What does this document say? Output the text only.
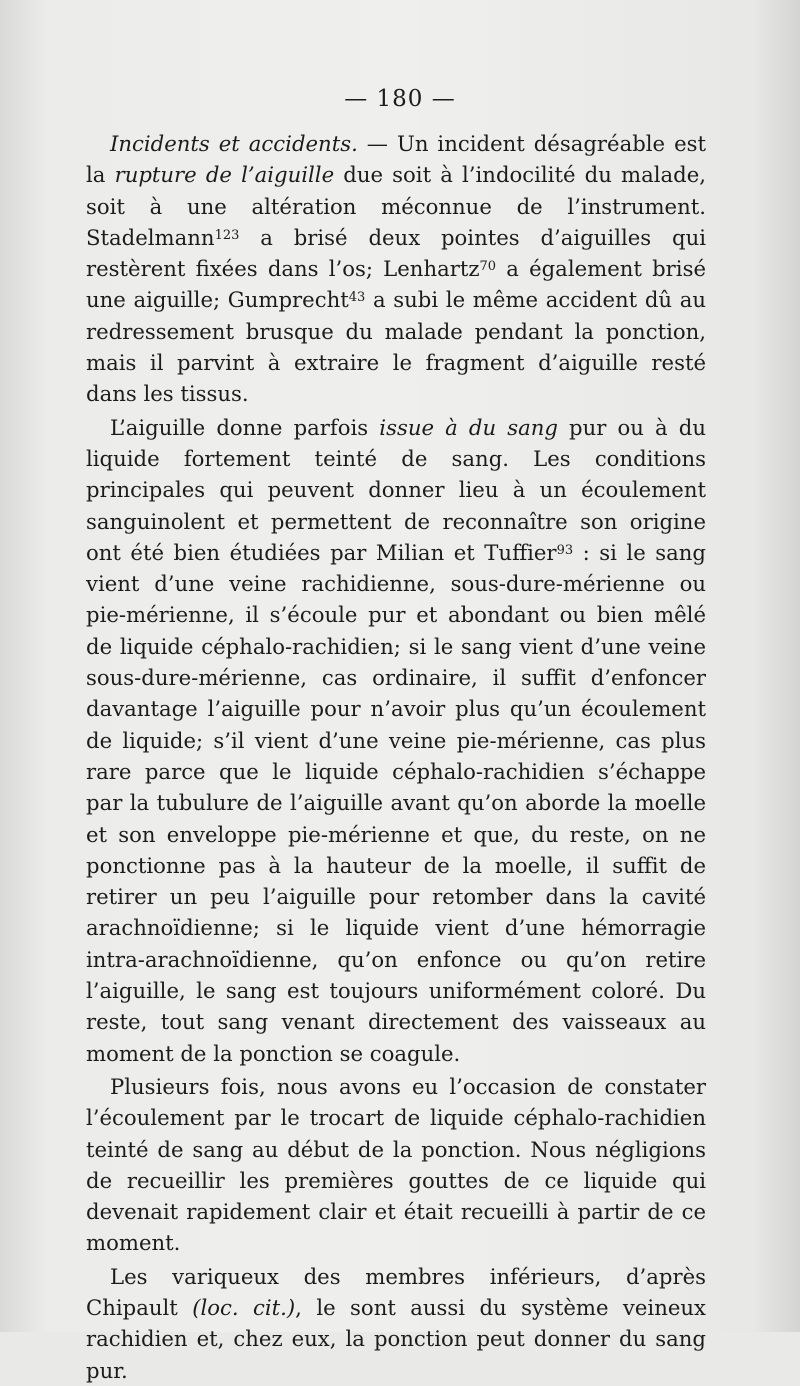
— 180 —

Incidents et accidents. — Un incident désagréable est la rupture de l’aiguille due soit à l’indocilité du malade, soit à une altération méconnue de l’instrument. Stadelmann$^{123}$ a brisé deux pointes d’aiguilles qui restèrent fixées dans l’os; Lenhartz$^{70}$ a également brisé une aiguille; Gumprecht$^{43}$ a subi le même accident dû au redressement brusque du malade pendant la ponction, mais il parvint à extraire le fragment d’aiguille resté dans les tissus.

L’aiguille donne parfois issue à du sang pur ou à du liquide fortement teinté de sang. Les conditions principales qui peuvent donner lieu à un écoulement sanguinolent et permettent de reconnaître son origine ont été bien étudiées par Milian et Tuffier$^{93}$ : si le sang vient d’une veine rachidienne, sous-dure-mérienne ou pie-mérienne, il s’écoule pur et abondant ou bien mêlé de liquide céphalo-rachidien; si le sang vient d’une veine sous-dure-mérienne, cas ordinaire, il suffit d’enfoncer davantage l’aiguille pour n’avoir plus qu’un écoulement de liquide; s’il vient d’une veine pie-mérienne, cas plus rare parce que le liquide céphalo-rachidien s’échappe par la tubulure de l’aiguille avant qu’on aborde la moelle et son enveloppe pie-mérienne et que, du reste, on ne ponctionne pas à la hauteur de la moelle, il suffit de retirer un peu l’aiguille pour retomber dans la cavité arachnoïdienne; si le liquide vient d’une hémorragie intra-arachnoïdienne, qu’on enfonce ou qu’on retire l’aiguille, le sang est toujours uniformément coloré. Du reste, tout sang venant directement des vaisseaux au moment de la ponction se coagule.

Plusieurs fois, nous avons eu l’occasion de constater l’écoulement par le trocart de liquide céphalo-rachidien teinté de sang au début de la ponction. Nous négligions de recueillir les premières gouttes de ce liquide qui devenait rapidement clair et était recueilli à partir de ce moment.

Les variqueux des membres inférieurs, d’après Chipault (loc. cit.), le sont aussi du système veineux rachidien et, chez eux, la ponction peut donner du sang pur.
